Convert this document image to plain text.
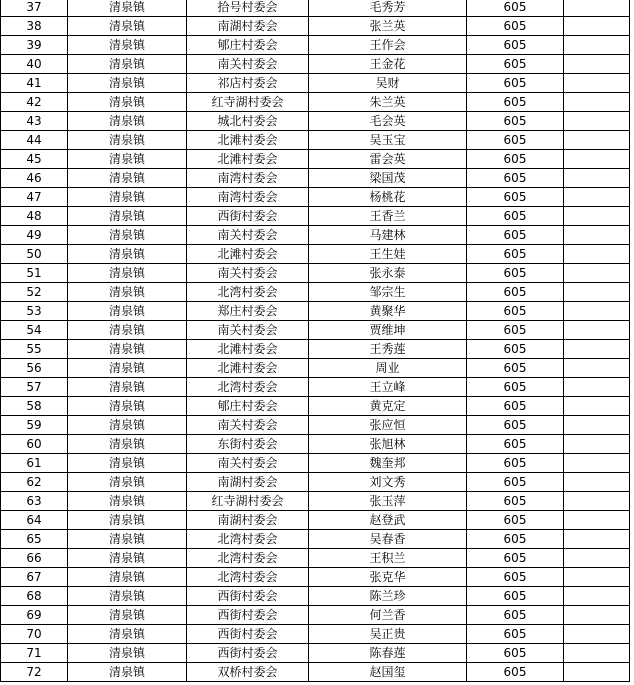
37	清泉镇	拾号村委会	毛秀芳	605	
38	清泉镇	南湖村委会	张兰英	605	
39	清泉镇	郇庄村委会	王作会	605	
40	清泉镇	南关村委会	王金花	605	
41	清泉镇	祁店村委会	吴财	605	
42	清泉镇	红寺湖村委会	朱兰英	605	
43	清泉镇	城北村委会	毛会英	605	
44	清泉镇	北滩村委会	吴玉宝	605	
45	清泉镇	北滩村委会	雷会英	605	
46	清泉镇	南湾村委会	梁国茂	605	
47	清泉镇	南湾村委会	杨桃花	605	
48	清泉镇	西街村委会	王香兰	605	
49	清泉镇	南关村委会	马建林	605	
50	清泉镇	北滩村委会	王生娃	605	
51	清泉镇	南关村委会	张永泰	605	
52	清泉镇	北湾村委会	邹宗生	605	
53	清泉镇	郑庄村委会	黄聚华	605	
54	清泉镇	南关村委会	贾维坤	605	
55	清泉镇	北滩村委会	王秀莲	605	
56	清泉镇	北滩村委会	周业	605	
57	清泉镇	北湾村委会	王立峰	605	
58	清泉镇	郇庄村委会	黄克定	605	
59	清泉镇	南关村委会	张应恒	605	
60	清泉镇	东街村委会	张旭林	605	
61	清泉镇	南关村委会	魏奎邦	605	
62	清泉镇	南湖村委会	刘文秀	605	
63	清泉镇	红寺湖村委会	张玉萍	605	
64	清泉镇	南湖村委会	赵登武	605	
65	清泉镇	北湾村委会	吴春香	605	
66	清泉镇	北湾村委会	王积兰	605	
67	清泉镇	北湾村委会	张克华	605	
68	清泉镇	西街村委会	陈兰珍	605	
69	清泉镇	西街村委会	何兰香	605	
70	清泉镇	西街村委会	吴正贵	605	
71	清泉镇	西街村委会	陈春莲	605	
72	清泉镇	双桥村委会	赵国玺	605	
